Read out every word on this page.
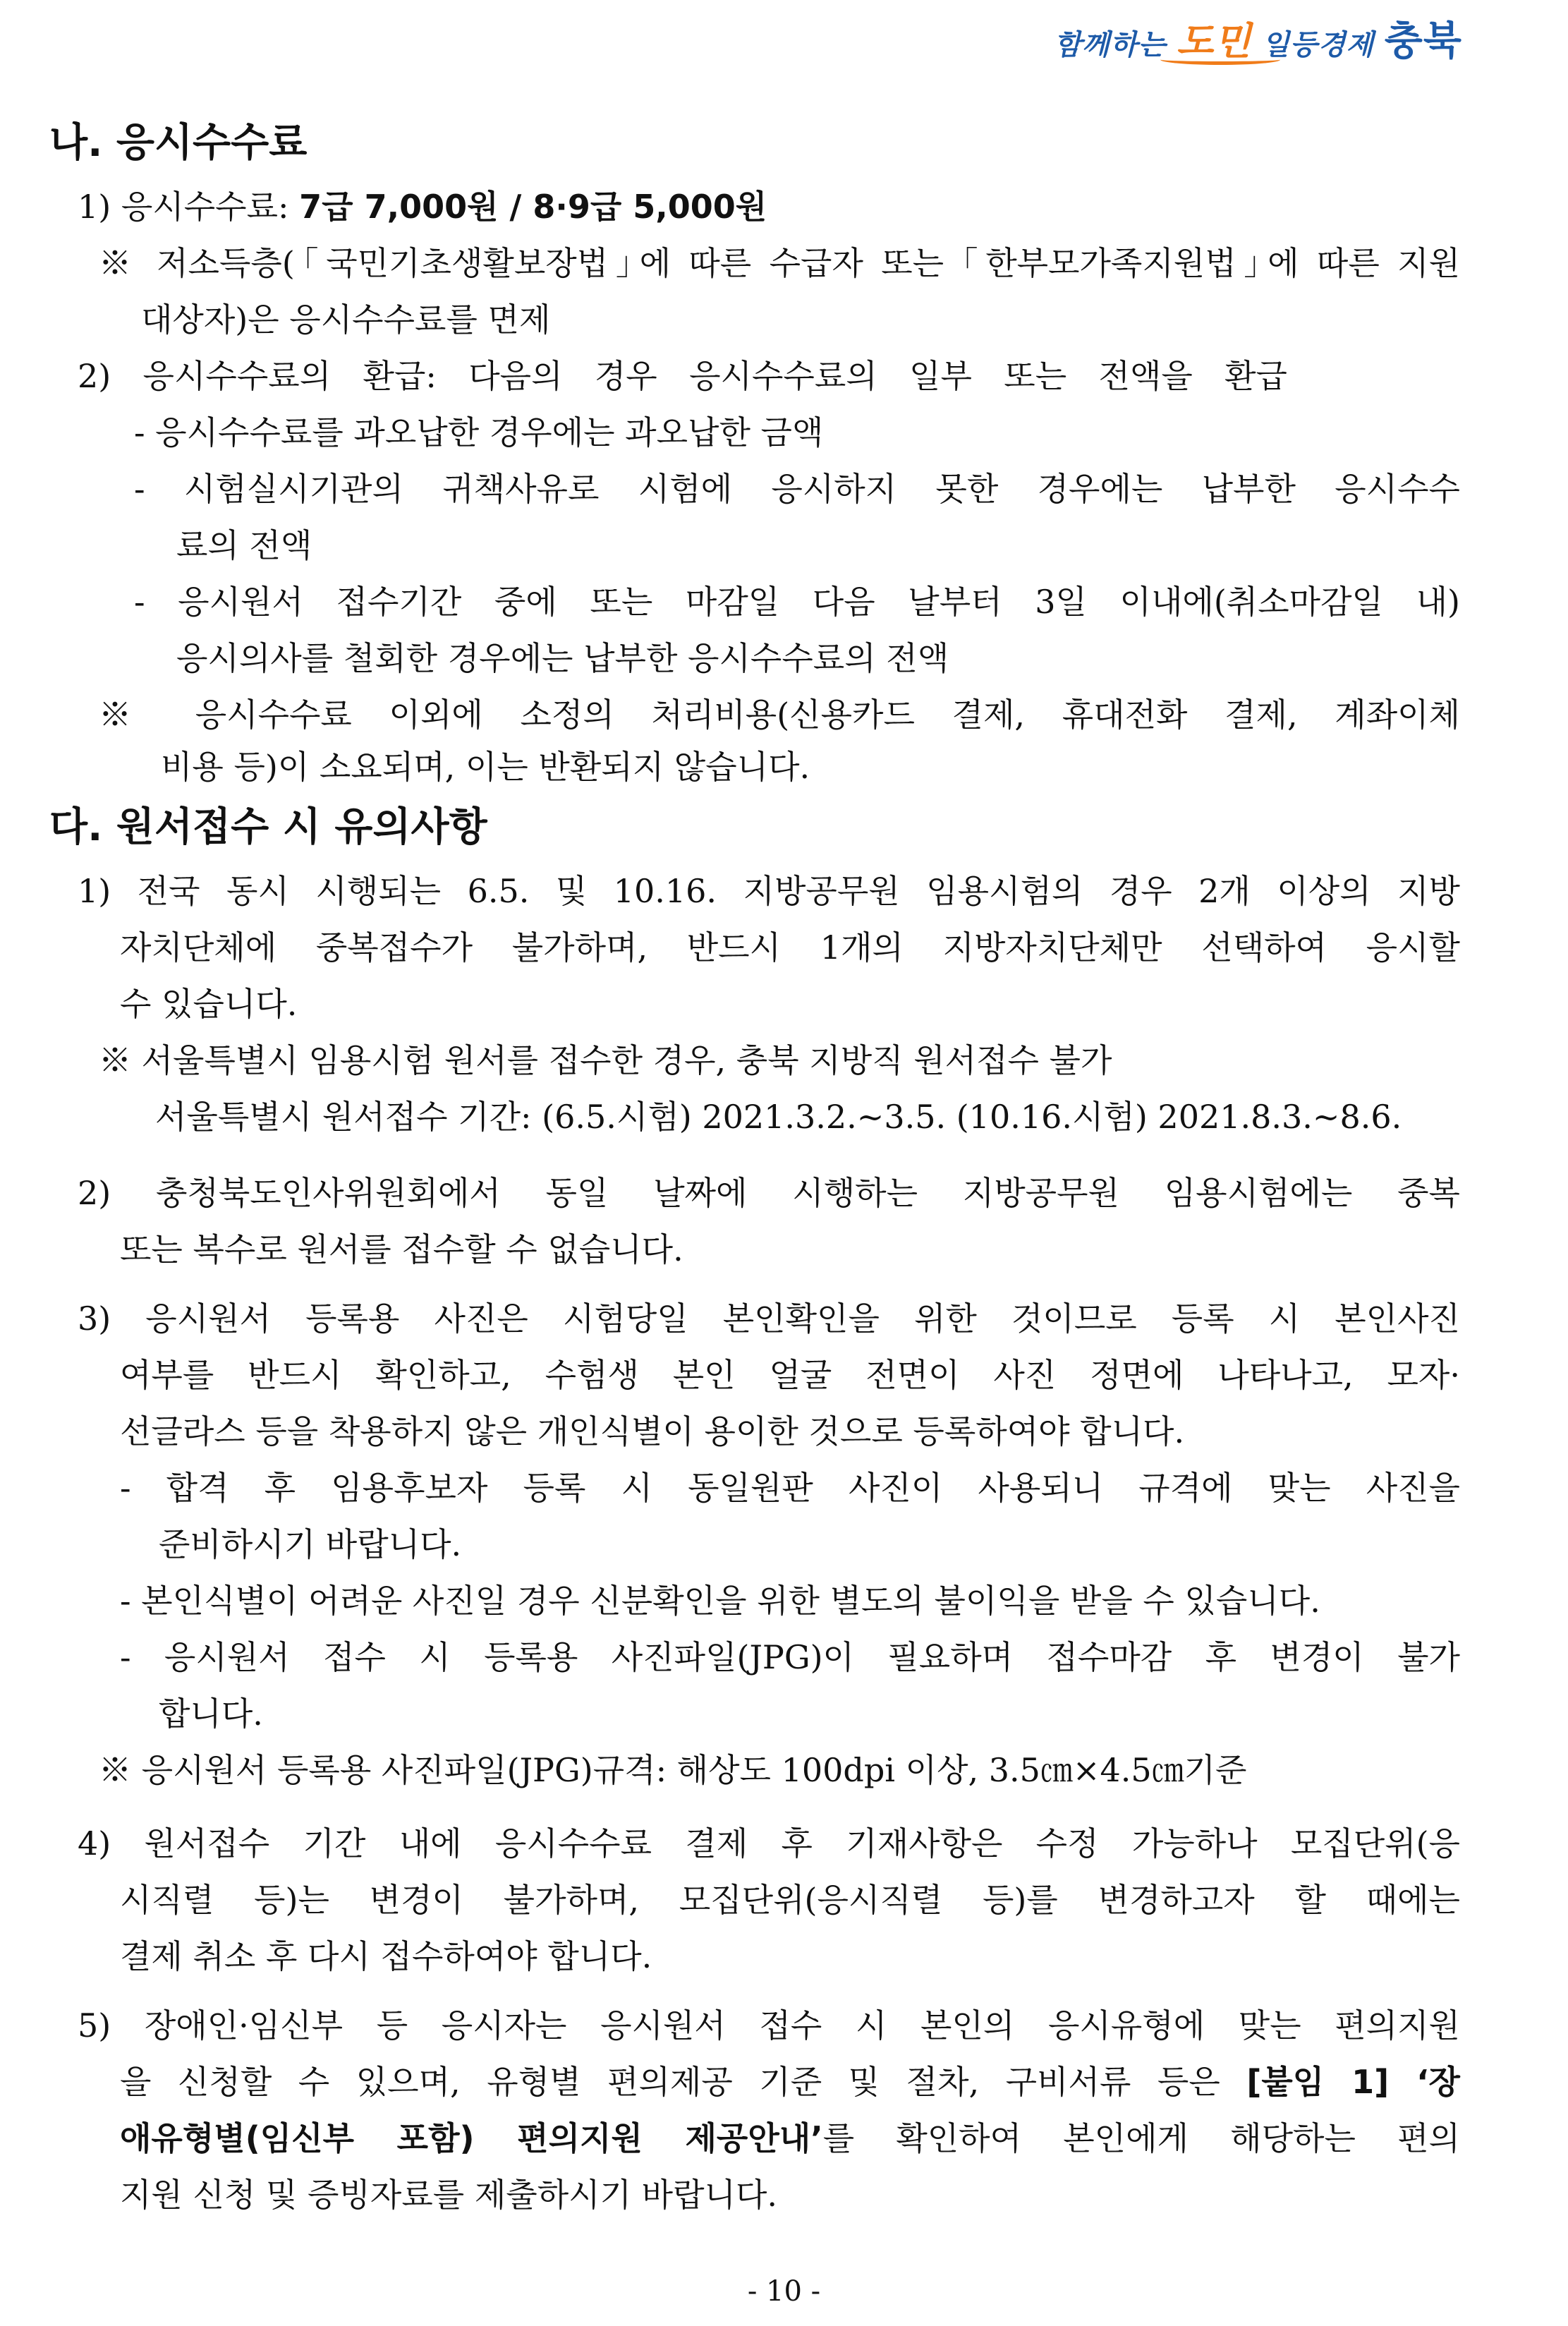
함께하는 도민 일등경제 충북
나. 응시수수료
1) 응시수수료: 7급 7,000원 / 8·9급 5,000원
※ 저소득층(｢국민기초생활보장법｣에 따른 수급자 또는 ｢한부모가족지원법｣에 따른 지원
대상자)은 응시수수료를 면제
2) 응시수수료의 환급: 다음의 경우 응시수수료의 일부 또는 전액을 환급
- 응시수수료를 과오납한 경우에는 과오납한 금액
- 시험실시기관의 귀책사유로 시험에 응시하지 못한 경우에는 납부한 응시수수
료의 전액
- 응시원서 접수기간 중에 또는 마감일 다음 날부터 3일 이내에(취소마감일 내)
응시의사를 철회한 경우에는 납부한 응시수수료의 전액
※ 응시수수료 이외에 소정의 처리비용(신용카드 결제, 휴대전화 결제, 계좌이체
비용 등)이 소요되며, 이는 반환되지 않습니다.
다. 원서접수 시 유의사항
1) 전국 동시 시행되는 6.5. 및 10.16. 지방공무원 임용시험의 경우 2개 이상의 지방
자치단체에 중복접수가 불가하며, 반드시 1개의 지방자치단체만 선택하여 응시할
수 있습니다.
※ 서울특별시 임용시험 원서를 접수한 경우, 충북 지방직 원서접수 불가
서울특별시 원서접수 기간: (6.5.시험) 2021.3.2.~3.5. (10.16.시험) 2021.8.3.~8.6.
2) 충청북도인사위원회에서 동일 날짜에 시행하는 지방공무원 임용시험에는 중복
또는 복수로 원서를 접수할 수 없습니다.
3) 응시원서 등록용 사진은 시험당일 본인확인을 위한 것이므로 등록 시 본인사진
여부를 반드시 확인하고, 수험생 본인 얼굴 전면이 사진 정면에 나타나고, 모자·
선글라스 등을 착용하지 않은 개인식별이 용이한 것으로 등록하여야 합니다.
- 합격 후 임용후보자 등록 시 동일원판 사진이 사용되니 규격에 맞는 사진을
준비하시기 바랍니다.
- 본인식별이 어려운 사진일 경우 신분확인을 위한 별도의 불이익을 받을 수 있습니다.
- 응시원서 접수 시 등록용 사진파일(JPG)이 필요하며 접수마감 후 변경이 불가
합니다.
※ 응시원서 등록용 사진파일(JPG)규격: 해상도 100dpi 이상, 3.5㎝×4.5㎝기준
4) 원서접수 기간 내에 응시수수료 결제 후 기재사항은 수정 가능하나 모집단위(응
시직렬 등)는 변경이 불가하며, 모집단위(응시직렬 등)를 변경하고자 할 때에는
결제 취소 후 다시 접수하여야 합니다.
5) 장애인·임신부 등 응시자는 응시원서 접수 시 본인의 응시유형에 맞는 편의지원
을 신청할 수 있으며, 유형별 편의제공 기준 및 절차, 구비서류 등은 [붙임 1] ‘장
애유형별(임신부 포함) 편의지원 제공안내’를 확인하여 본인에게 해당하는 편의
지원 신청 및 증빙자료를 제출하시기 바랍니다.
- 10 -
